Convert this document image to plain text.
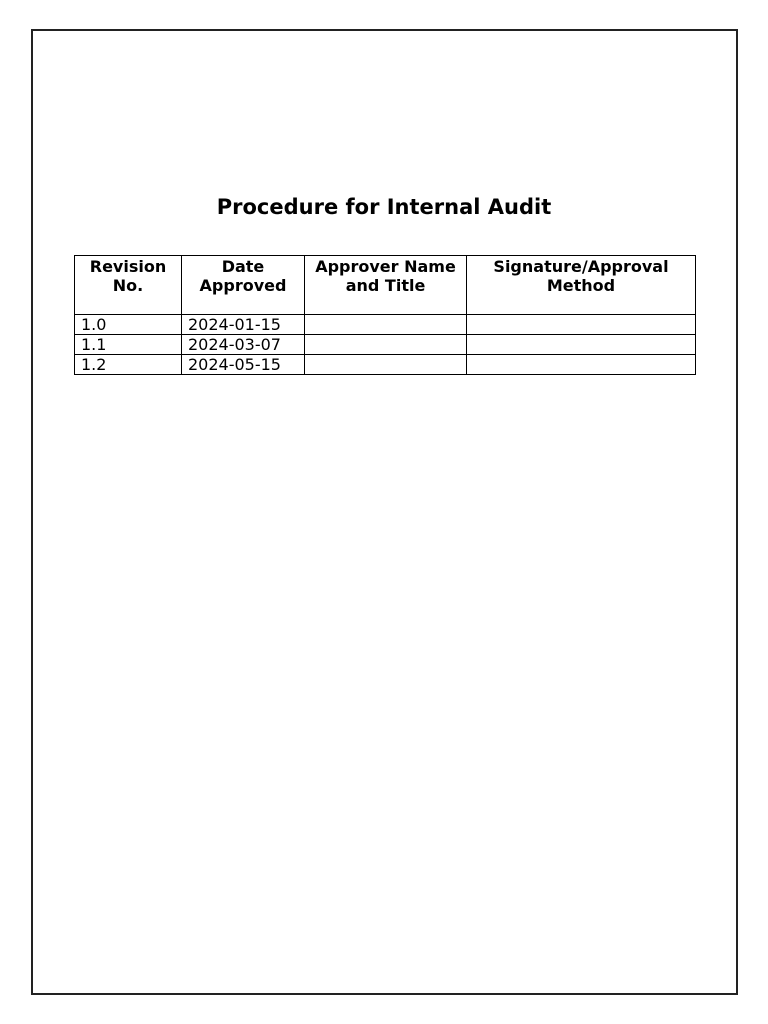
Procedure for Internal Audit
Revision No.	Date Approved	Approver Name and Title	Signature/Approval Method
1.0	2024-01-15		
1.1	2024-03-07		
1.2	2024-05-15		
